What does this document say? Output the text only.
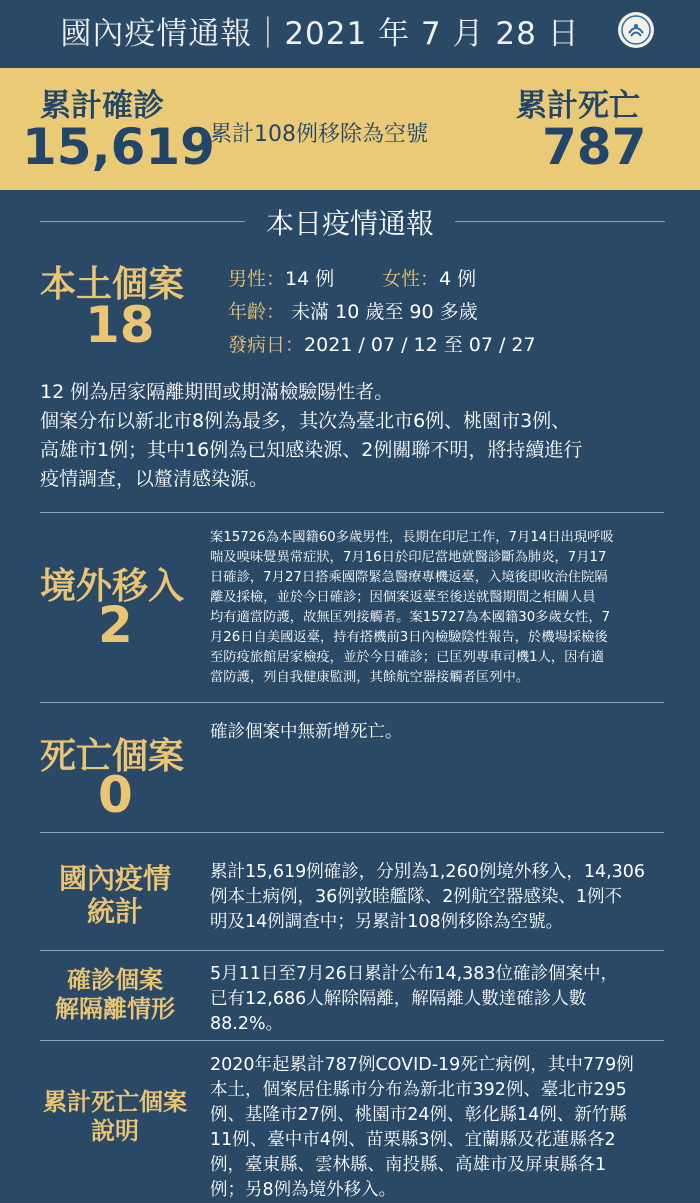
國內疫情通報｜2021 年 7 月 28 日
累計確診
15,619
累計108例移除為空號
累計死亡
787
本日疫情通報
本土個案
18
男性：14 例	女性：4 例
年齡： 未滿 10 歲至 90 多歲
發病日：2021 / 07 / 12 至 07 / 27
12 例為居家隔離期間或期滿檢驗陽性者。
個案分布以新北市8例為最多，其次為臺北市6例、桃園市3例、
高雄市1例；其中16例為已知感染源、2例關聯不明，將持續進行
疫情調查，以釐清感染源。
境外移入
2
案15726為本國籍60多歲男性，長期在印尼工作，7月14日出現呼吸
喘及嗅味覺異常症狀，7月16日於印尼當地就醫診斷為肺炎，7月17
日確診，7月27日搭乘國際緊急醫療專機返臺，入境後即收治住院隔
離及採檢，並於今日確診；因個案返臺至後送就醫期間之相關人員
均有適當防護，故無匡列接觸者。案15727為本國籍30多歲女性，7
月26日自美國返臺，持有搭機前3日內檢驗陰性報告，於機場採檢後
至防疫旅館居家檢疫，並於今日確診；已匡列專車司機1人，因有適
當防護，列自我健康監測，其餘航空器接觸者匡列中。
死亡個案
0
確診個案中無新增死亡。
國內疫情
統計
累計15,619例確診，分別為1,260例境外移入，14,306
例本土病例，36例敦睦艦隊、2例航空器感染、1例不
明及14例調查中；另累計108例移除為空號。
確診個案
解隔離情形
5月11日至7月26日累計公布14,383位確診個案中，
已有12,686人解除隔離，解隔離人數達確診人數
88.2%。
累計死亡個案
說明
2020年起累計787例COVID-19死亡病例，其中779例
本土，個案居住縣市分布為新北市392例、臺北市295
例、基隆市27例、桃園市24例、彰化縣14例、新竹縣
11例、臺中市4例、苗栗縣3例、宜蘭縣及花蓮縣各2
例，臺東縣、雲林縣、南投縣、高雄市及屏東縣各1
例；另8例為境外移入。
